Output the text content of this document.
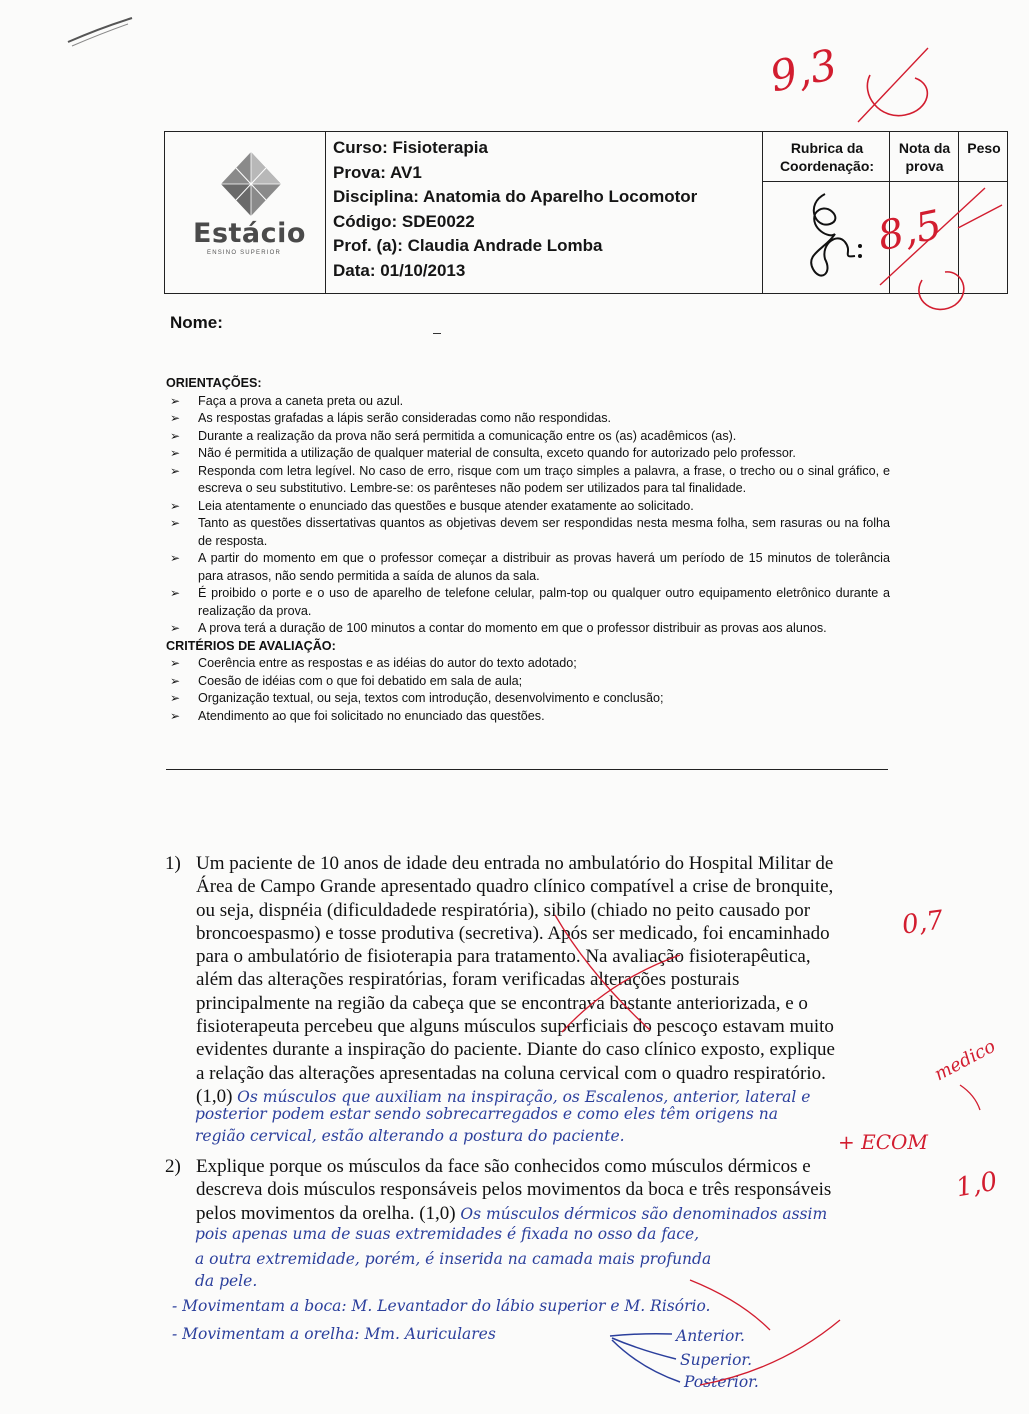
Estácio
ENSINO SUPERIOR
Curso: Fisioterapia
Prova: AV1
Disciplina: Anatomia do Aparelho Locomotor
Código: SDE0022
Prof. (a): Claudia Andrade Lomba
Data: 01/10/2013
Rubrica da
Coordenação:
Nota da
prova
Peso
Nome:
ORIENTAÇÕES:
➢ Faça a prova a caneta preta ou azul.
➢ As respostas grafadas a lápis serão consideradas como não respondidas.
➢ Durante a realização da prova não será permitida a comunicação entre os (as) acadêmicos (as).
➢ Não é permitida a utilização de qualquer material de consulta, exceto quando for autorizado pelo professor.
➢ Responda com letra legível. No caso de erro, risque com um traço simples a palavra, a frase, o trecho ou o sinal gráfico, e escreva o seu substitutivo. Lembre-se: os parênteses não podem ser utilizados para tal finalidade.
➢ Leia atentamente o enunciado das questões e busque atender exatamente ao solicitado.
➢ Tanto as questões dissertativas quantos as objetivas devem ser respondidas nesta mesma folha, sem rasuras ou na folha de resposta.
➢ A partir do momento em que o professor começar a distribuir as provas haverá um período de 15 minutos de tolerância para atrasos, não sendo permitida a saída de alunos da sala.
➢ É proibido o porte e o uso de aparelho de telefone celular, palm-top ou qualquer outro equipamento eletrônico durante a realização da prova.
➢ A prova terá a duração de 100 minutos a contar do momento em que o professor distribuir as provas aos alunos.
CRITÉRIOS DE AVALIAÇÃO:
➢ Coerência entre as respostas e as idéias do autor do texto adotado;
➢ Coesão de idéias com o que foi debatido em sala de aula;
➢ Organização textual, ou seja, textos com introdução, desenvolvimento e conclusão;
➢ Atendimento ao que foi solicitado no enunciado das questões.
1) Um paciente de 10 anos de idade deu entrada no ambulatório do Hospital Militar de
Área de Campo Grande apresentado quadro clínico compatível a crise de bronquite,
ou seja, dispnéia (dificuldadede respiratória), sibilo (chiado no peito causado por
broncoespasmo) e tosse produtiva (secretiva). Após ser medicado, foi encaminhado
para o ambulatório de fisioterapia para tratamento. Na avaliação fisioterapêutica,
além das alterações respiratórias, foram verificadas alterações posturais
principalmente na região da cabeça que se encontrava bastante anteriorizada, e o
fisioterapeuta percebeu que alguns músculos superficiais do pescoço estavam muito
evidentes durante a inspiração do paciente. Diante do caso clínico exposto, explique
a relação das alterações apresentadas na coluna cervical com o quadro respiratório.
(1,0) Os músculos que auxiliam na inspiração, os Escalenos, anterior, lateral e
posterior podem estar sendo sobrecarregados e como eles têm origens na
região cervical, estão alterando a postura do paciente.
2) Explique porque os músculos da face são conhecidos como músculos dérmicos e
descreva dois músculos responsáveis pelos movimentos da boca e três responsáveis
pelos movimentos da orelha. (1,0) Os músculos dérmicos são denominados assim
pois apenas uma de suas extremidades é fixada no osso da face,
a outra extremidade, porém, é inserida na camada mais profunda
da pele.
- Movimentam a boca: M. Levantador do lábio superior e M. Risório.
- Movimentam a orelha: Mm. Auriculares	Anterior.
Superior.
Posterior.
9,3
8,5
0,7
medico
+ ECOM
1,0
